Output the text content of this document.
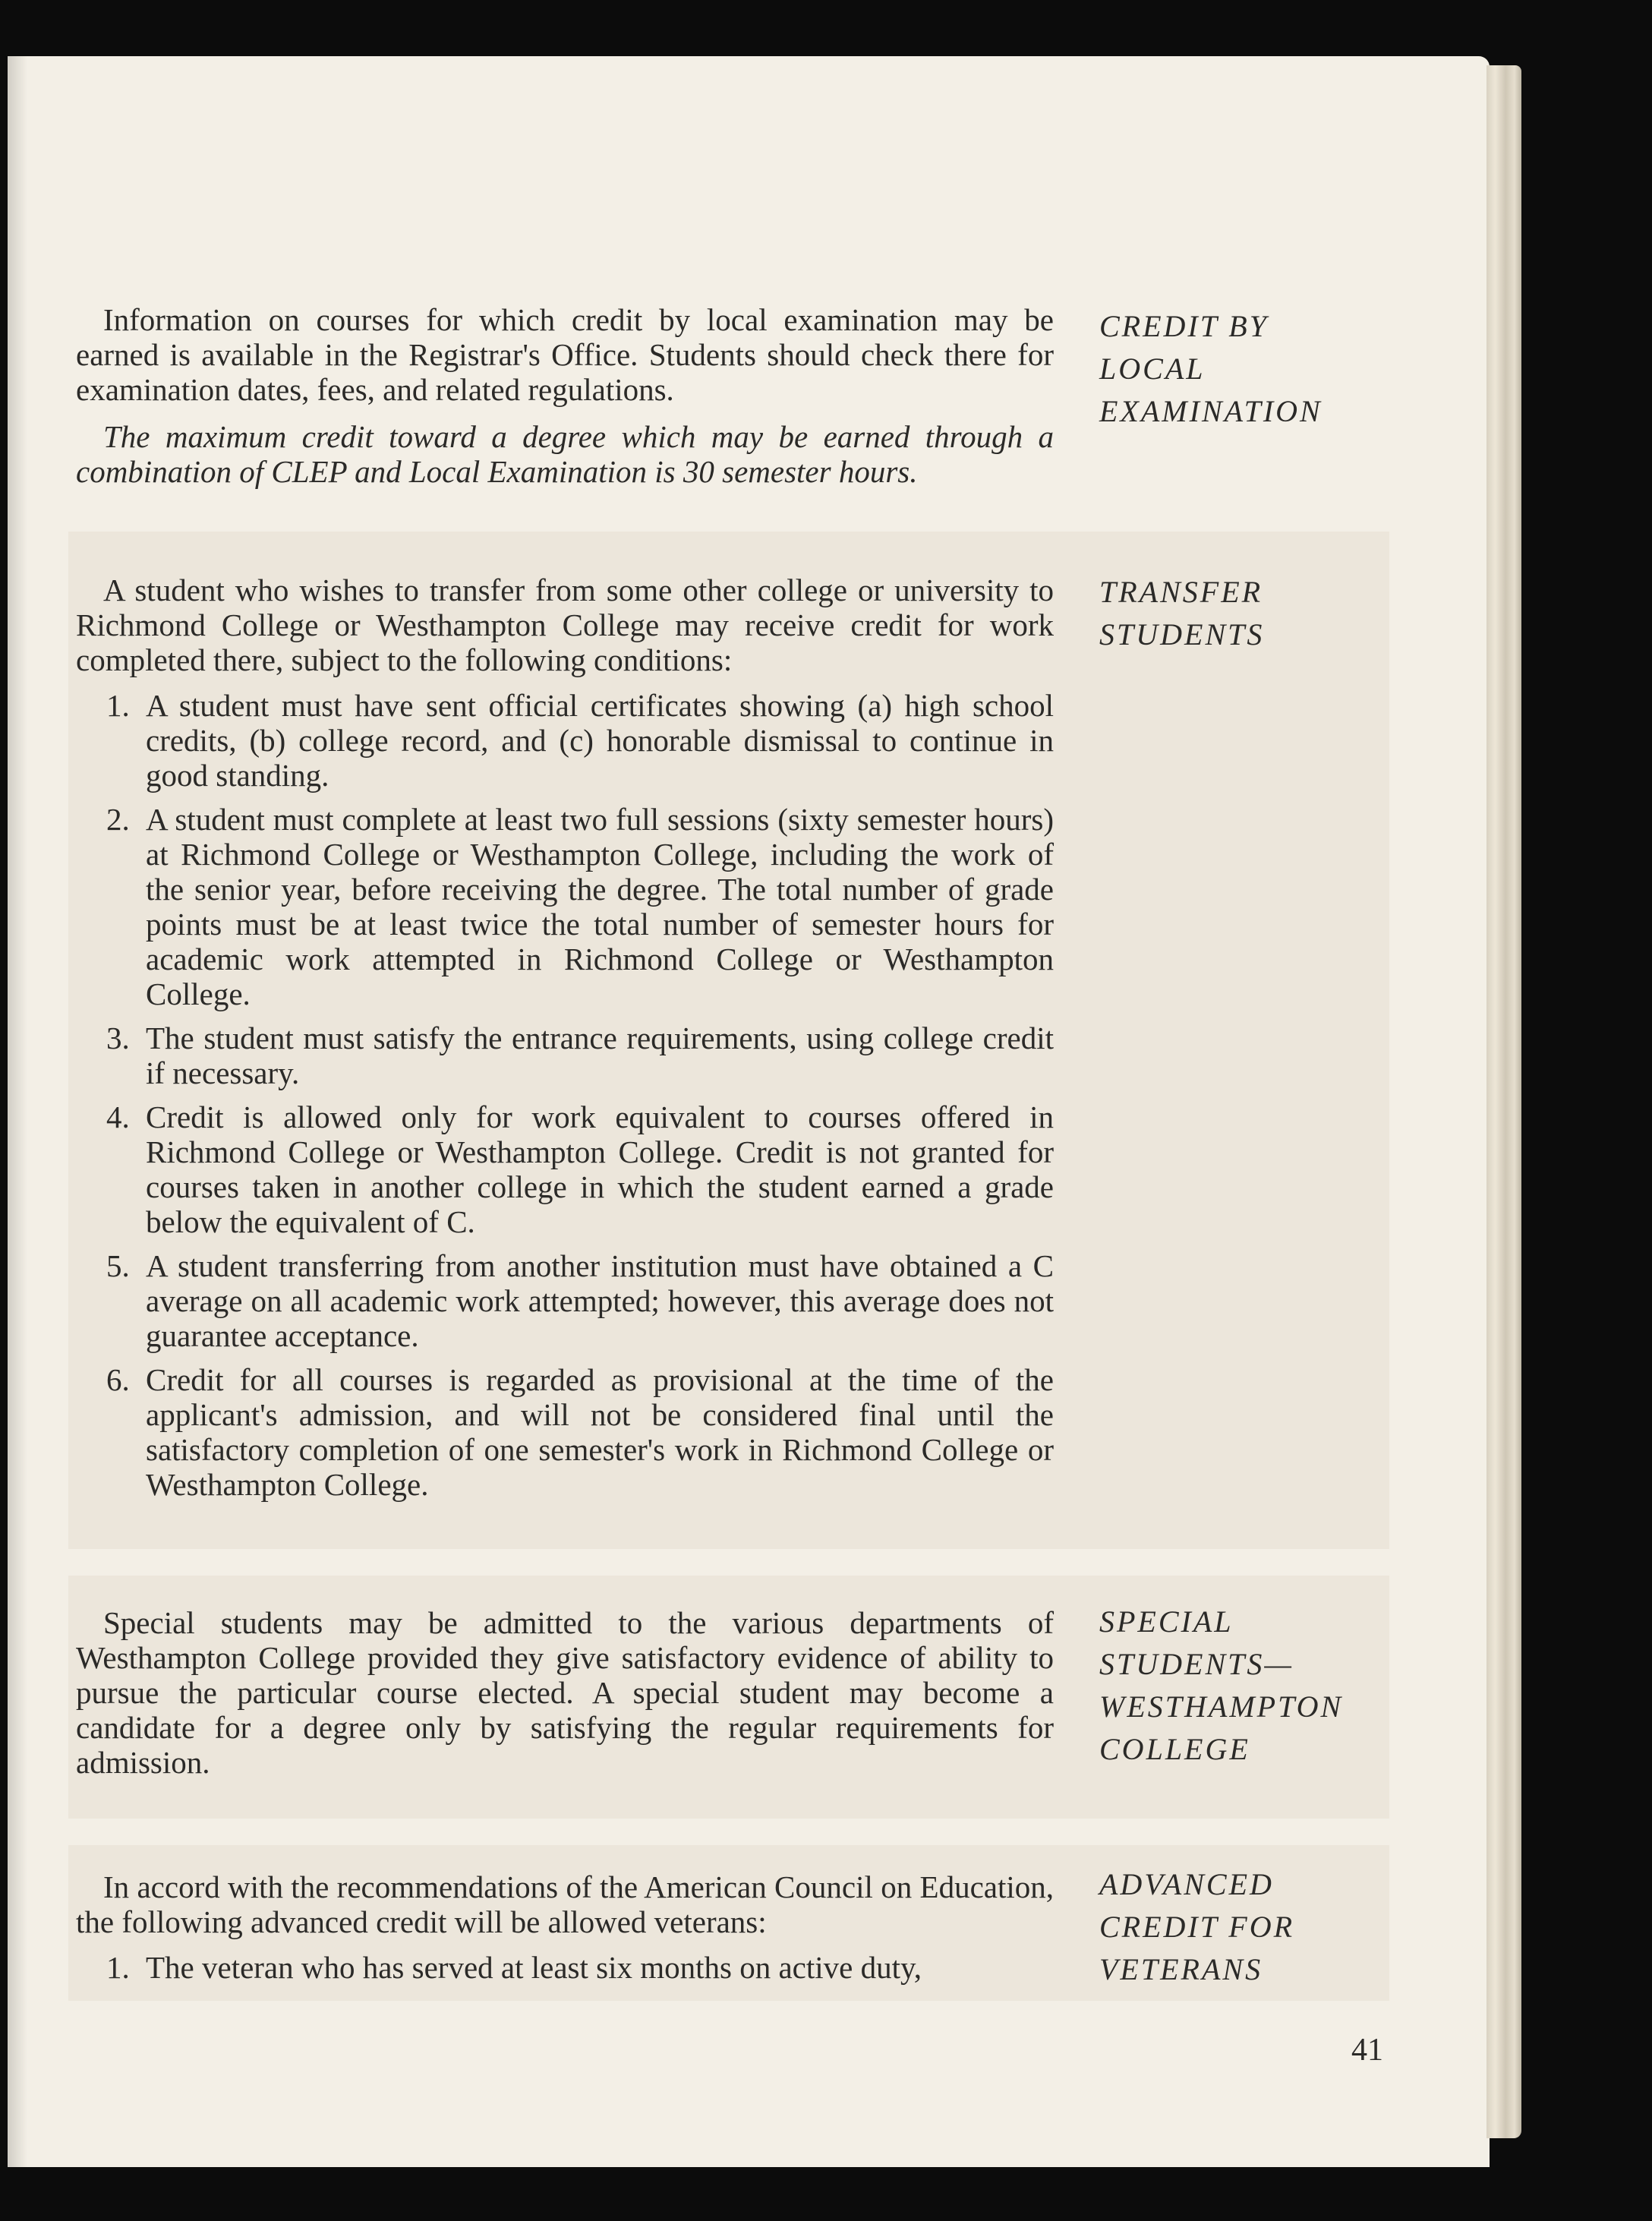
Information on courses for which credit by local examination may be earned is available in the Registrar's Office. Students should check there for examination dates, fees, and related regulations.

The maximum credit toward a degree which may be earned through a combination of CLEP and Local Examination is 30 semester hours.

CREDIT BY
LOCAL
EXAMINATION

A student who wishes to transfer from some other college or university to Richmond College or Westhampton College may receive credit for work completed there, subject to the following conditions:

1. A student must have sent official certificates showing (a) high school credits, (b) college record, and (c) honorable dismissal to continue in good standing.
2. A student must complete at least two full sessions (sixty semester hours) at Richmond College or Westhampton College, including the work of the senior year, before receiving the degree. The total number of grade points must be at least twice the total number of semester hours for academic work attempted in Richmond College or Westhampton College.
3. The student must satisfy the entrance requirements, using college credit if necessary.
4. Credit is allowed only for work equivalent to courses offered in Richmond College or Westhampton College. Credit is not granted for courses taken in another college in which the student earned a grade below the equivalent of C.
5. A student transferring from another institution must have obtained a C average on all academic work attempted; however, this average does not guarantee acceptance.
6. Credit for all courses is regarded as provisional at the time of the applicant's admission, and will not be considered final until the satisfactory completion of one semester's work in Richmond College or Westhampton College.
TRANSFER
STUDENTS

Special students may be admitted to the various departments of Westhampton College provided they give satisfactory evidence of ability to pursue the particular course elected. A special student may become a candidate for a degree only by satisfying the regular requirements for admission.

SPECIAL
STUDENTS—
WESTHAMPTON
COLLEGE

In accord with the recommendations of the American Council on Education, the following advanced credit will be allowed veterans:

1. The veteran who has served at least six months on active duty,
ADVANCED
CREDIT FOR
VETERANS
41
